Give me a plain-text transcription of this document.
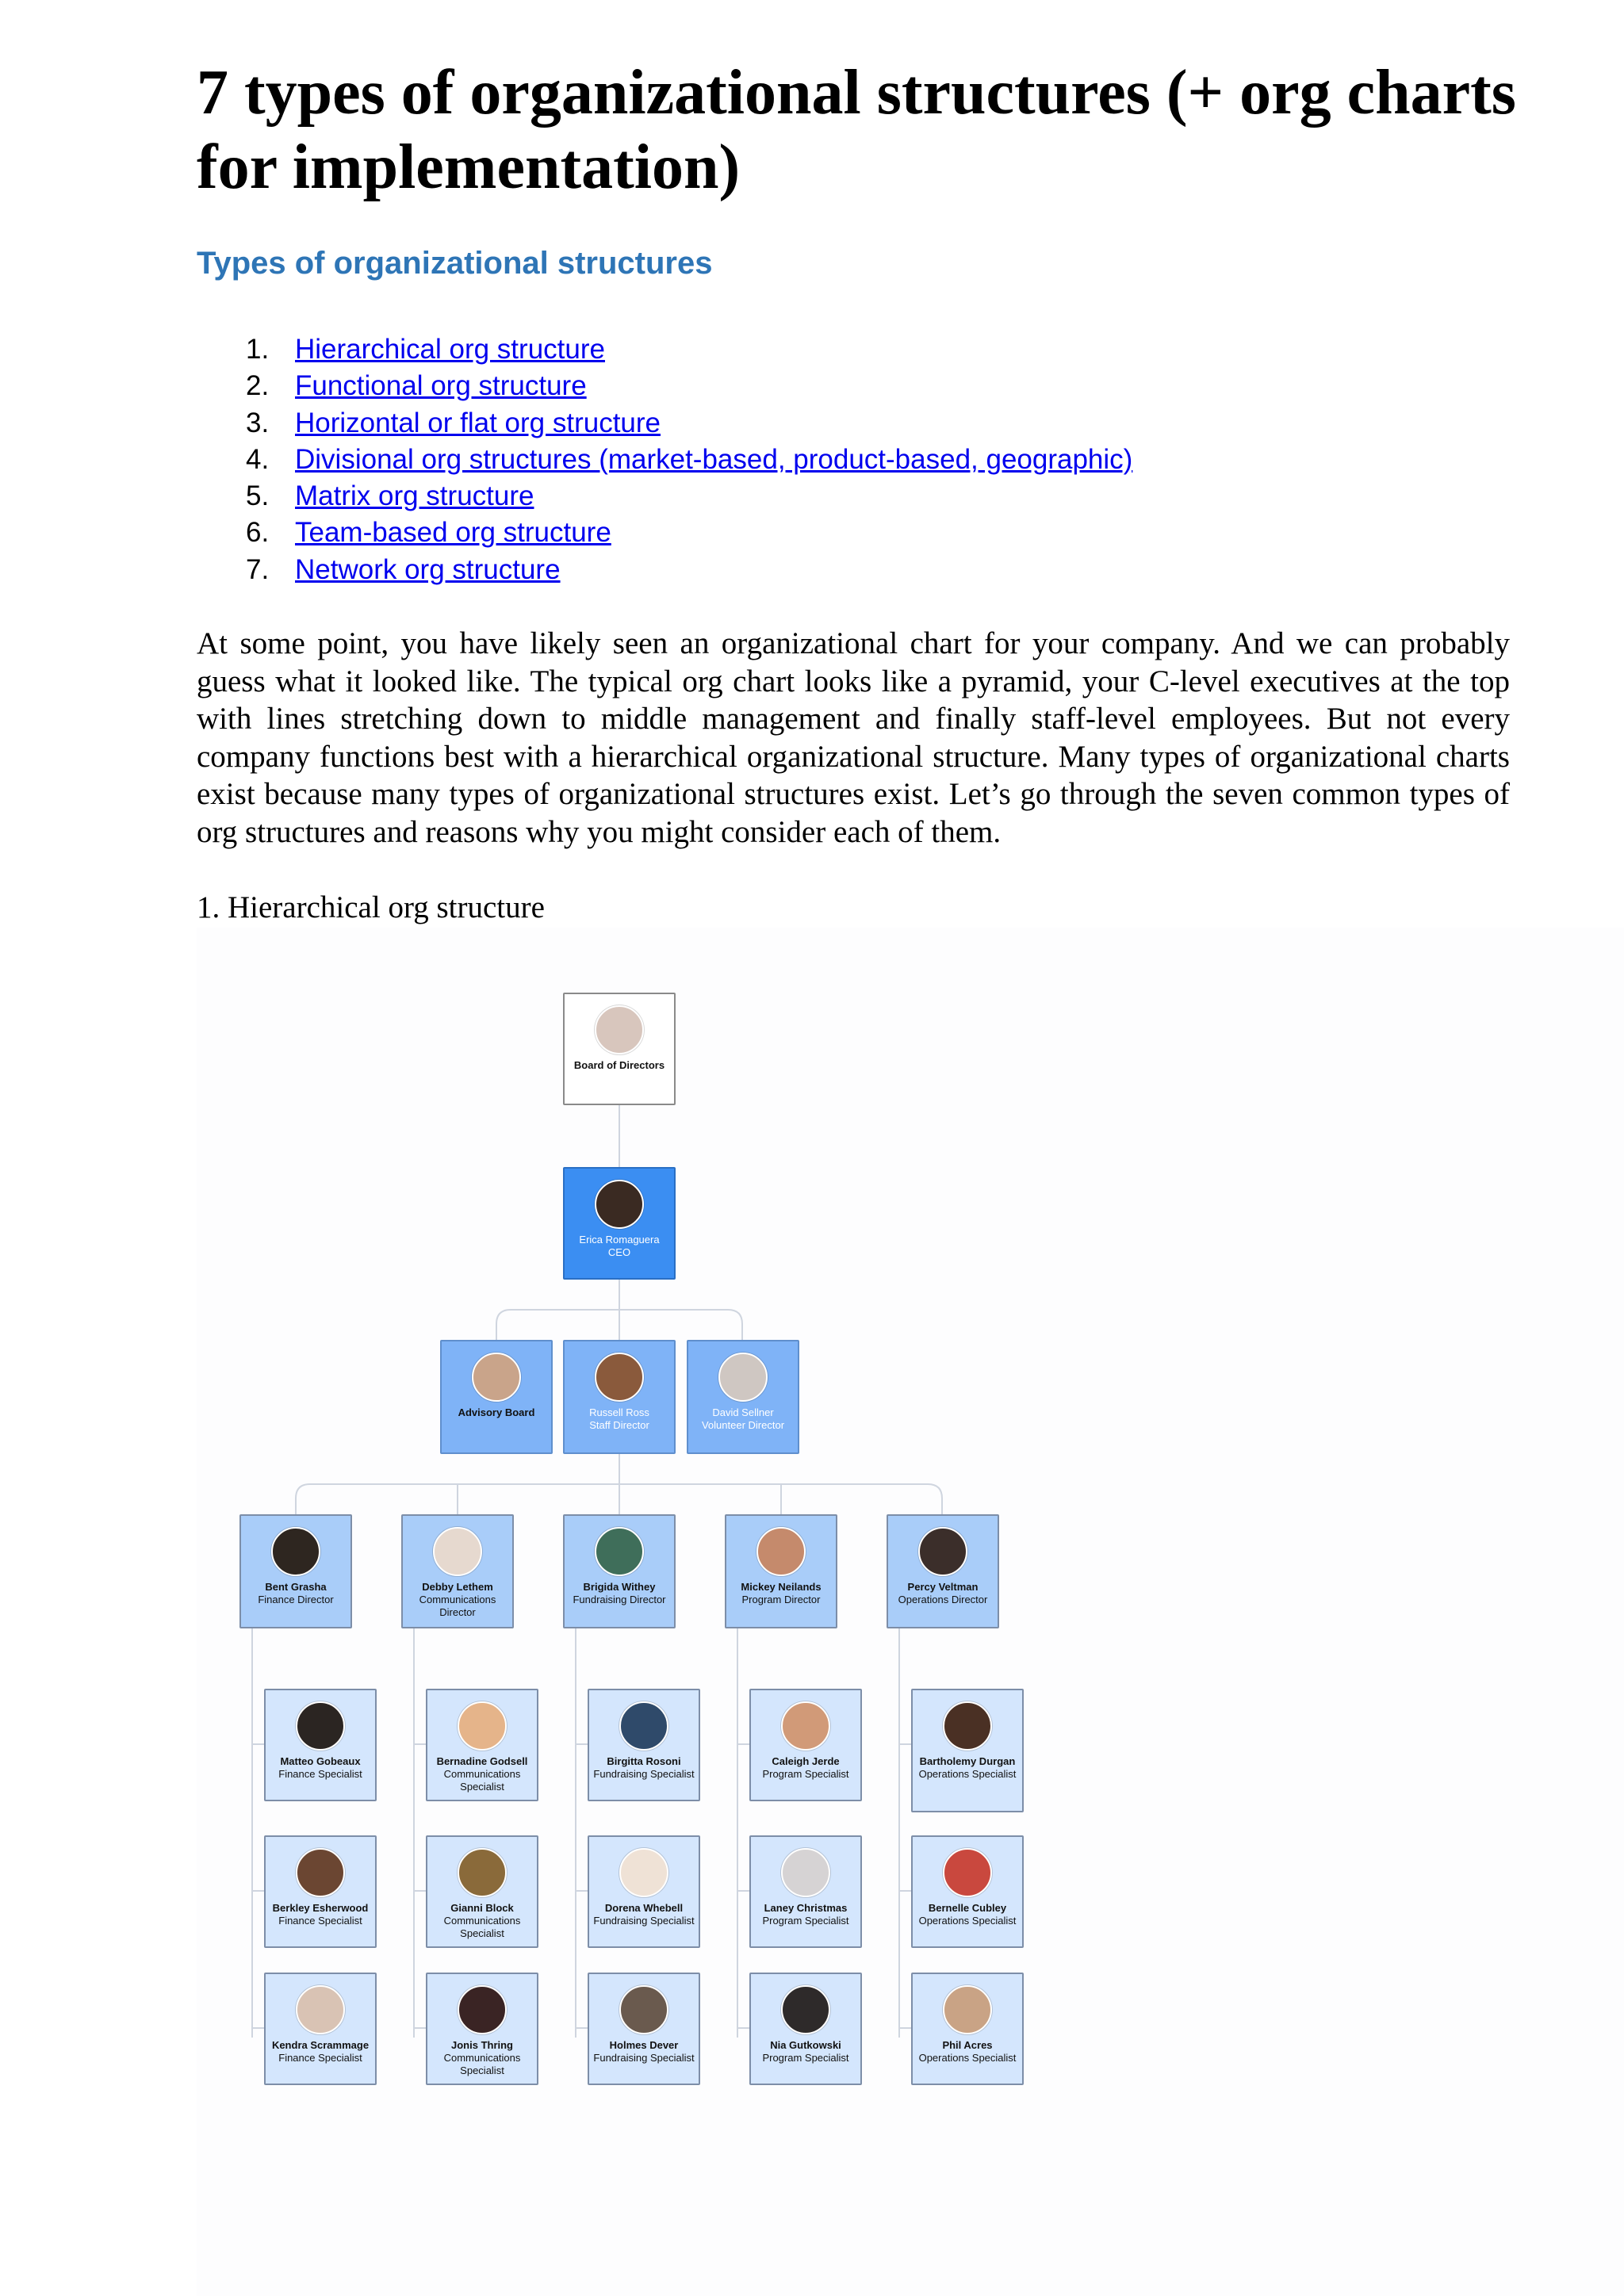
7 types of organizational structures (+ org charts for implementation)
Types of organizational structures
1. Hierarchical org structure
2. Functional org structure
3. Horizontal or flat org structure
4. Divisional org structures (market-based, product-based, geographic)
5. Matrix org structure
6. Team-based org structure
7. Network org structure

At some point, you have likely seen an organizational chart for your company. And we can probably guess what it looked like. The typical org chart looks like a pyramid, your C-level executives at the top with lines stretching down to middle management and finally staff-level employees. But not every company functions best with a hierarchical organizational structure. Many types of organizational charts exist because many types of organizational structures exist. Let’s go through the seven common types of org structures and reasons why you might consider each of them.

1. Hierarchical org structure
Board of Directors
Erica Romaguera
CEO
Advisory Board	Russell Ross
Staff Director
David Sellner
Volunteer Director
Bent Grasha
Finance Director
Debby Lethem
Communications Director
Brigida Withey
Fundraising Director
Mickey Neilands
Program Director
Percy Veltman
Operations Director
Matteo Gobeaux
Finance Specialist
Bernadine Godsell
Communications Specialist
Birgitta Rosoni
Fundraising Specialist
Caleigh Jerde
Program Specialist
Bartholemy Durgan
Operations Specialist
Berkley Esherwood
Finance Specialist
Gianni Block
Communications Specialist
Dorena Whebell
Fundraising Specialist
Laney Christmas
Program Specialist
Bernelle Cubley
Operations Specialist
Kendra Scrammage
Finance Specialist
Jonis Thring
Communications Specialist
Holmes Dever
Fundraising Specialist
Nia Gutkowski
Program Specialist
Phil Acres
Operations Specialist
